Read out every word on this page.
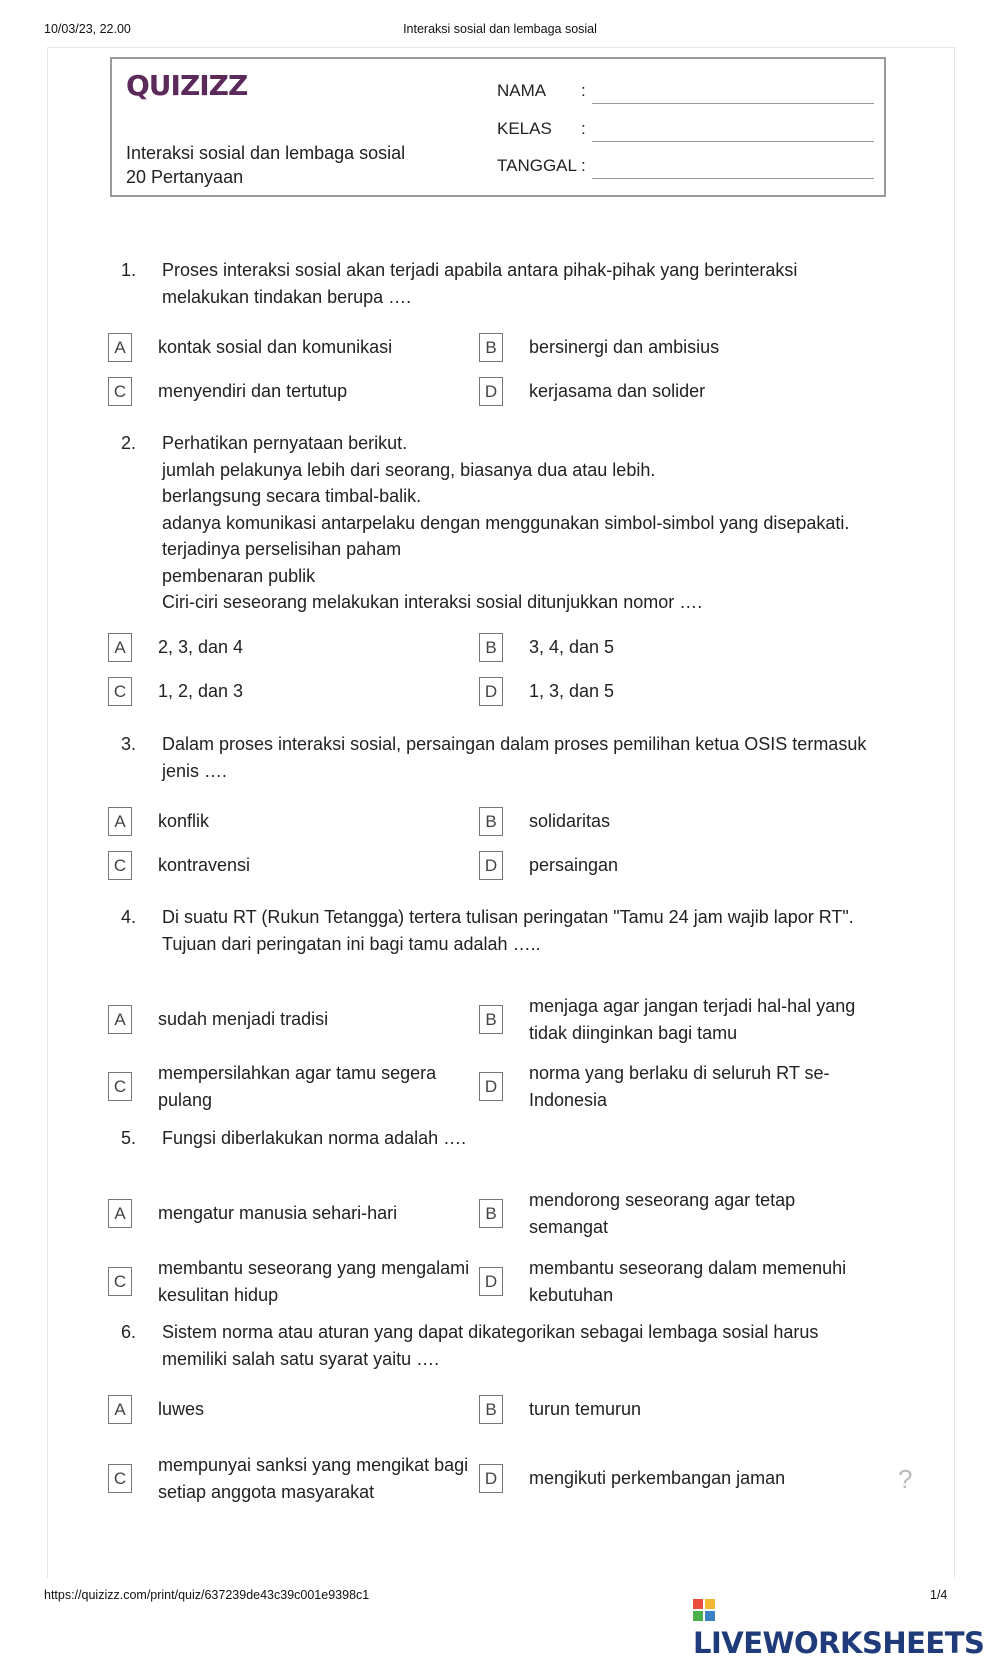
10/03/23, 22.00	Interaksi sosial dan lembaga sosial
QUIZIZZ
Interaksi sosial dan lembaga sosial
20 Pertanyaan
NAMA :
KELAS :
TANGGAL :
1. Proses interaksi sosial akan terjadi apabila antara pihak-pihak yang berinteraksi
melakukan tindakan berupa ….
A	kontak sosial dan komunikasi	B	bersinergi dan ambisius
C	menyendiri dan tertutup	D	kerjasama dan solider
2. Perhatikan pernyataan berikut.
jumlah pelakunya lebih dari seorang, biasanya dua atau lebih.
berlangsung secara timbal-balik.
adanya komunikasi antarpelaku dengan menggunakan simbol-simbol yang disepakati.
terjadinya perselisihan paham
pembenaran publik
Ciri-ciri seseorang melakukan interaksi sosial ditunjukkan nomor ….
A	2, 3, dan 4	B	3, 4, dan 5
C	1, 2, dan 3	D	1, 3, dan 5
3. Dalam proses interaksi sosial, persaingan dalam proses pemilihan ketua OSIS termasuk
jenis ….
A	konflik	B	solidaritas
C	kontravensi	D	persaingan
4. Di suatu RT (Rukun Tetangga) tertera tulisan peringatan "Tamu 24 jam wajib lapor RT".
Tujuan dari peringatan ini bagi tamu adalah …..
A	sudah menjadi tradisi	B
menjaga agar jangan terjadi hal-hal yang
tidak diinginkan bagi tamu
C
mempersilahkan agar tamu segera
pulang
D
norma yang berlaku di seluruh RT se-
Indonesia
5. Fungsi diberlakukan norma adalah ….
A	mengatur manusia sehari-hari	B
mendorong seseorang agar tetap
semangat
C
membantu seseorang yang mengalami
kesulitan hidup
D
membantu seseorang dalam memenuhi
kebutuhan
6. Sistem norma atau aturan yang dapat dikategorikan sebagai lembaga sosial harus
memiliki salah satu syarat yaitu ….
A	luwes	B	turun temurun
C
mempunyai sanksi yang mengikat bagi
setiap anggota masyarakat
D	mengikuti perkembangan jaman	?
https://quizizz.com/print/quiz/637239de43c39c001e9398c1
LIVEWORKSHEETS
1/4
